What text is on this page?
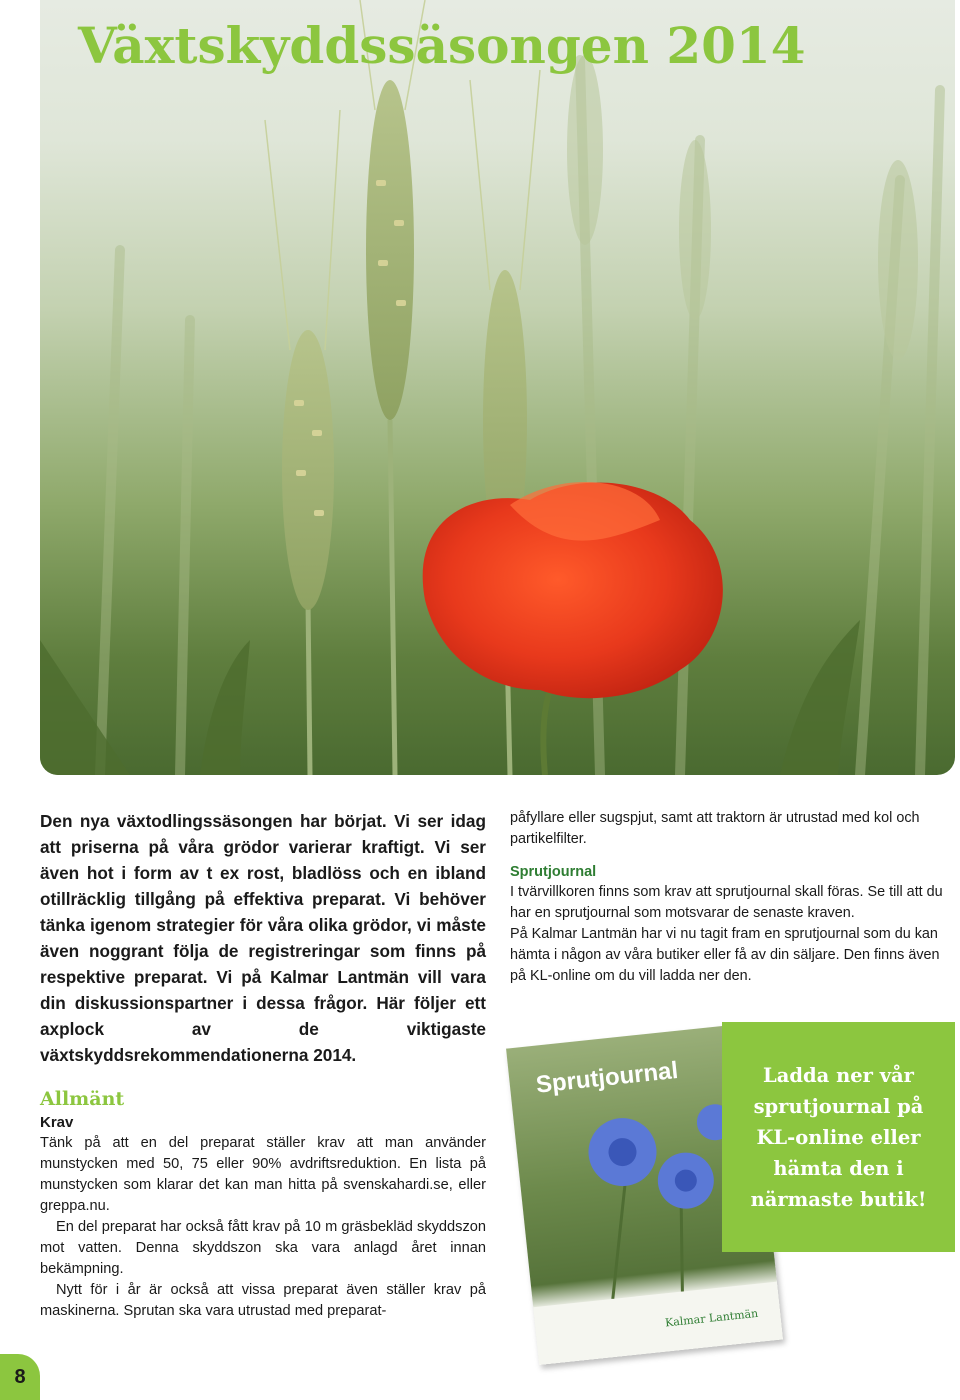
Växtskyddssäsongen 2014

Den nya växtodlingssäsongen har börjat. Vi ser idag att priserna på våra grödor varierar kraftigt. Vi ser även hot i form av t ex rost, bladlöss och en ibland otillräcklig tillgång på effektiva preparat. Vi behöver tänka igenom strategier för våra olika grödor, vi måste även noggrant följa de registreringar som finns på respektive preparat. Vi på Kalmar Lantmän vill vara din diskussionspartner i dessa frågor. Här följer ett axplock av de viktigaste växtskyddsrekommendationerna 2014.

Allmänt
Krav

Tänk på att en del preparat ställer krav att man använder munstycken med 50, 75 eller 90% avdriftsreduktion. En lista på munstycken som klarar det kan man hitta på svenskahardi.se, eller greppa.nu.

En del preparat har också fått krav på 10 m gräsbekläd skyddszon mot vatten. Denna skyddszon ska vara anlagd året innan bekämpning.

Nytt för i år är också att vissa preparat även ställer krav på maskinerna. Sprutan ska vara utrustad med preparat-

påfyllare eller sugspjut, samt att traktorn är utrustad med kol och partikelfilter.

Sprutjournal

I tvärvillkoren finns som krav att sprutjournal skall föras. Se till att du har en sprutjournal som motsvarar de senaste kraven.

På Kalmar Lantmän har vi nu tagit fram en sprutjournal som du kan hämta i någon av våra butiker eller få av din säljare. Den finns även på KL-online om du vill ladda ner den.

Sprutjournal
Kalmar Lantmän
Ladda ner vår sprutjournal på KL-online eller hämta den i närmaste butik!
8
